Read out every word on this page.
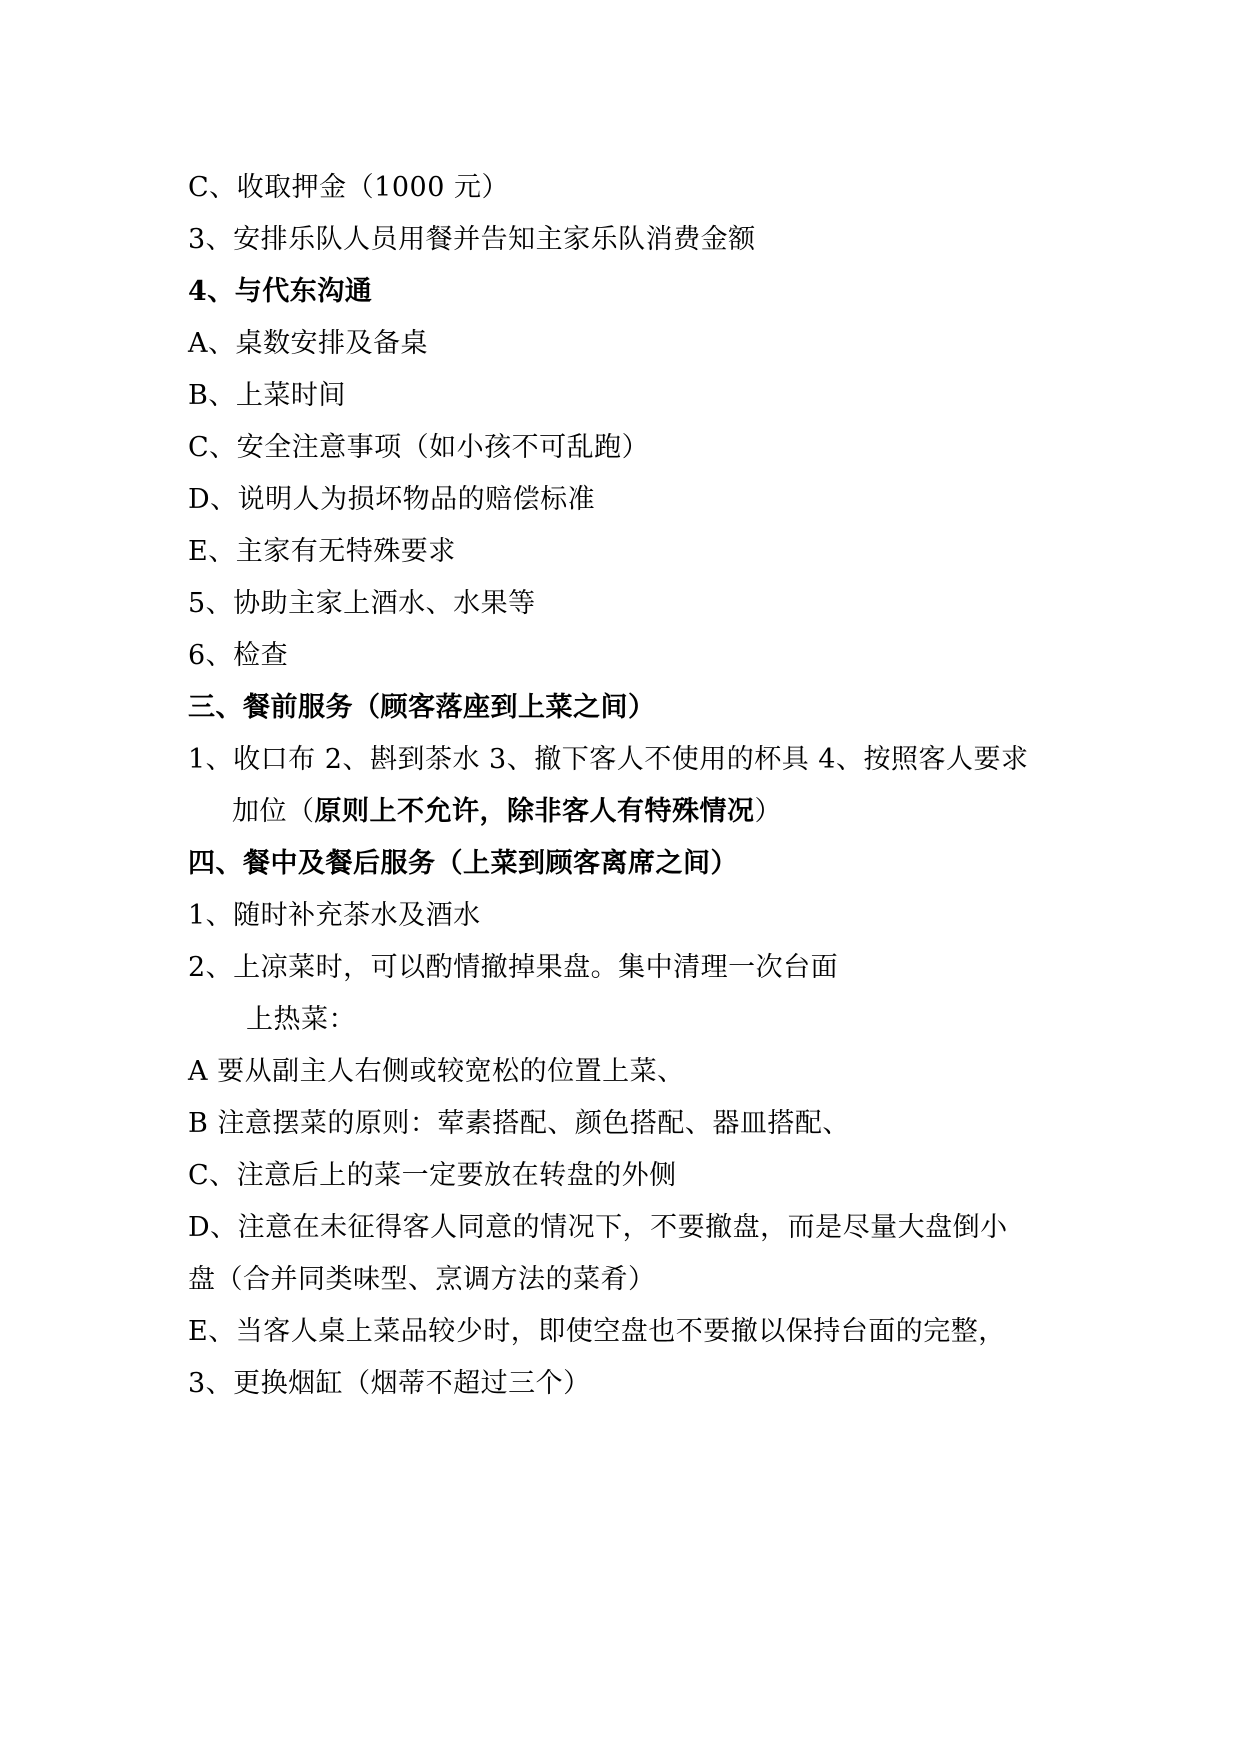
C、收取押金（1000 元）
3、安排乐队人员用餐并告知主家乐队消费金额
4、与代东沟通
A、桌数安排及备桌
B、上菜时间
C、安全注意事项（如小孩不可乱跑）
D、说明人为损坏物品的赔偿标准
E、主家有无特殊要求
5、协助主家上酒水、水果等
6、检查
三、餐前服务（顾客落座到上菜之间）
1、收口布 2、斟到茶水 3、撤下客人不使用的杯具 4、按照客人要求
加位（原则上不允许，除非客人有特殊情况）
四、餐中及餐后服务（上菜到顾客离席之间）
1、随时补充茶水及酒水
2、上凉菜时，可以酌情撤掉果盘。集中清理一次台面
上热菜：
A 要从副主人右侧或较宽松的位置上菜、
B 注意摆菜的原则：荤素搭配、颜色搭配、器皿搭配、
C、注意后上的菜一定要放在转盘的外侧
D、注意在未征得客人同意的情况下，不要撤盘，而是尽量大盘倒小
盘（合并同类味型、烹调方法的菜肴）
E、当客人桌上菜品较少时，即使空盘也不要撤以保持台面的完整，
3、更换烟缸（烟蒂不超过三个）
